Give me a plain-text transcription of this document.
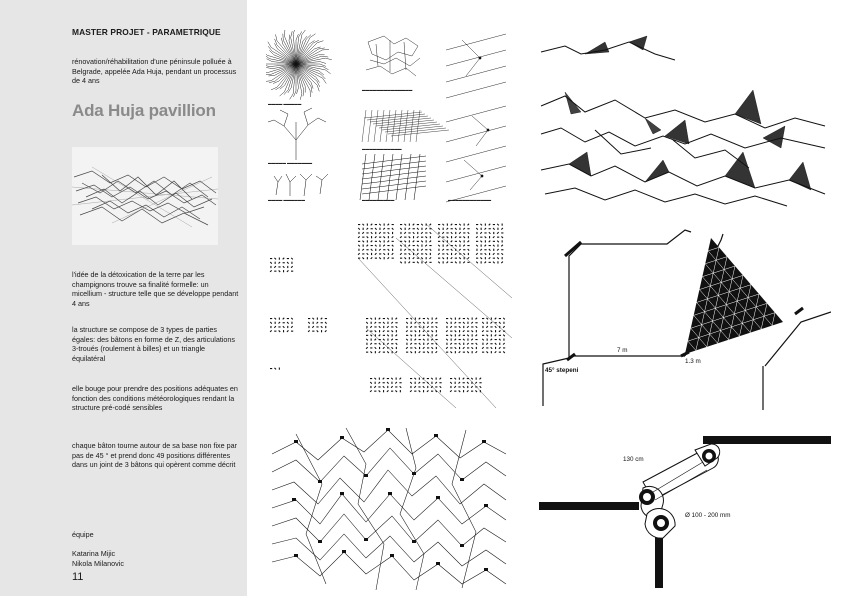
MASTER PROJET - PARAMETRIQUE
rénovation/réhabilitation d'une péninsule polluée à Belgrade, appelée Ada Huja, pendant un processus de 4 ans
Ada Huja pavillion
l'idée de la détoxication de la terre par les champignons trouve sa finalité formelle: un micellium - structure telle que se développe pendant 4 ans
la structure se compose de 3 types de parties égales: des bâtons en forme de Z, des articulations 3-troués (roulement à billes) et un triangle équilatéral
elle bouge pour prendre des positions adéquates en fonction des conditions météorologiques rendant la structure pré-codé sensibles
chaque bâton tourne autour de sa base non fixe par pas de 45 ° et prend donc 49 positions différentes dans un joint de 3 bâtons qui opèrent comme décrit
équipe
Katarina Mijic
Nikola Milanovic
11
▬▬▬▬ ▬▬▬▬▬
▬▬▬▬▬ ▬▬▬▬▬▬▬
▬▬▬▬ ▬▬▬▬▬▬
▬▬▬▬▬▬▬▬▬▬▬▬▬▬
▬▬▬▬▬▬▬▬▬▬▬
▬▬▬▬▬▬▬▬▬	▬▬▬▬▬▬▬▬▬▬▬▬
7 m
1.3 m
45° stepeni
130 cm
Ø 100 - 200 mm
